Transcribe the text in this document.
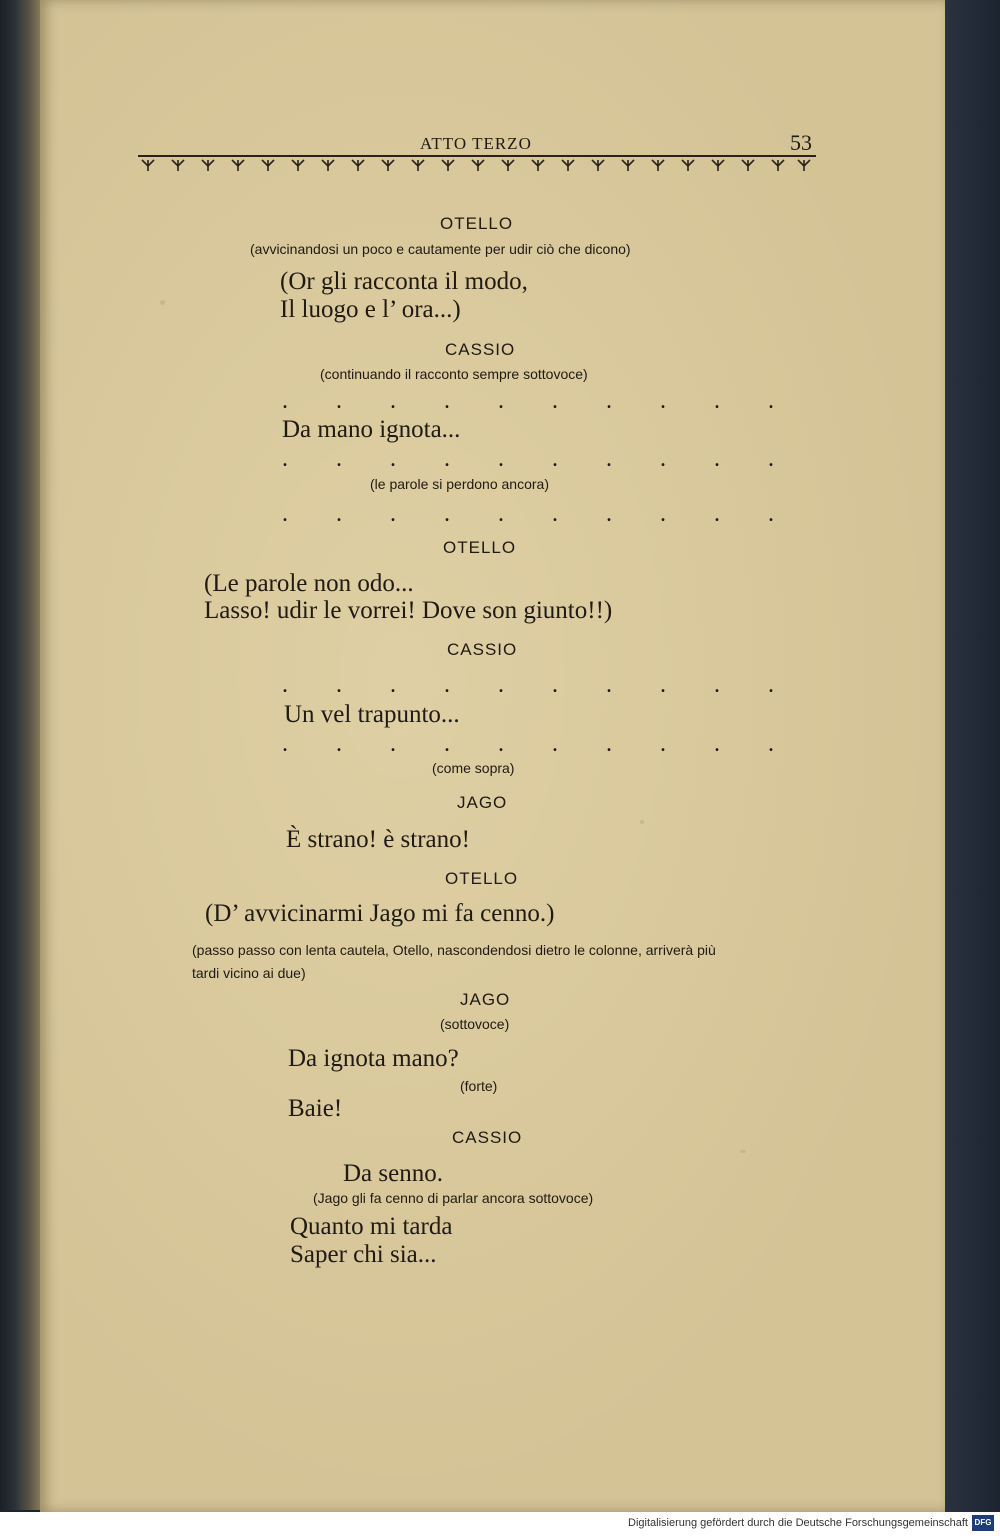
ATTO TERZO	53
OTELLO
(avvicinandosi un poco e cautamente per udir ciò che dicono)
(Or gli racconta il modo,
Il luogo e l’ ora...)
CASSIO
(continuando il racconto sempre sottovoce)
. . . . . . . . . .
Da mano ignota...
. . . . . . . . . .
(le parole si perdono ancora)
. . . . . . . . . .
OTELLO
(Le parole non odo...
Lasso! udir le vorrei! Dove son giunto!!)
CASSIO
. . . . . . . . . .
Un vel trapunto...
. . . . . . . . . .
(come sopra)
JAGO
È strano! è strano!
OTELLO
(D’ avvicinarmi Jago mi fa cenno.)
(passo passo con lenta cautela, Otello, nascondendosi dietro le colonne, arriverà più
tardi vicino ai due)
JAGO
(sottovoce)
Da ignota mano?
(forte)
Baie!
CASSIO
Da senno.
(Jago gli fa cenno di parlar ancora sottovoce)
Quanto mi tarda
Saper chi sia...
Digitalisierung gefördert durch die Deutsche Forschungsgemeinschaft DFG
